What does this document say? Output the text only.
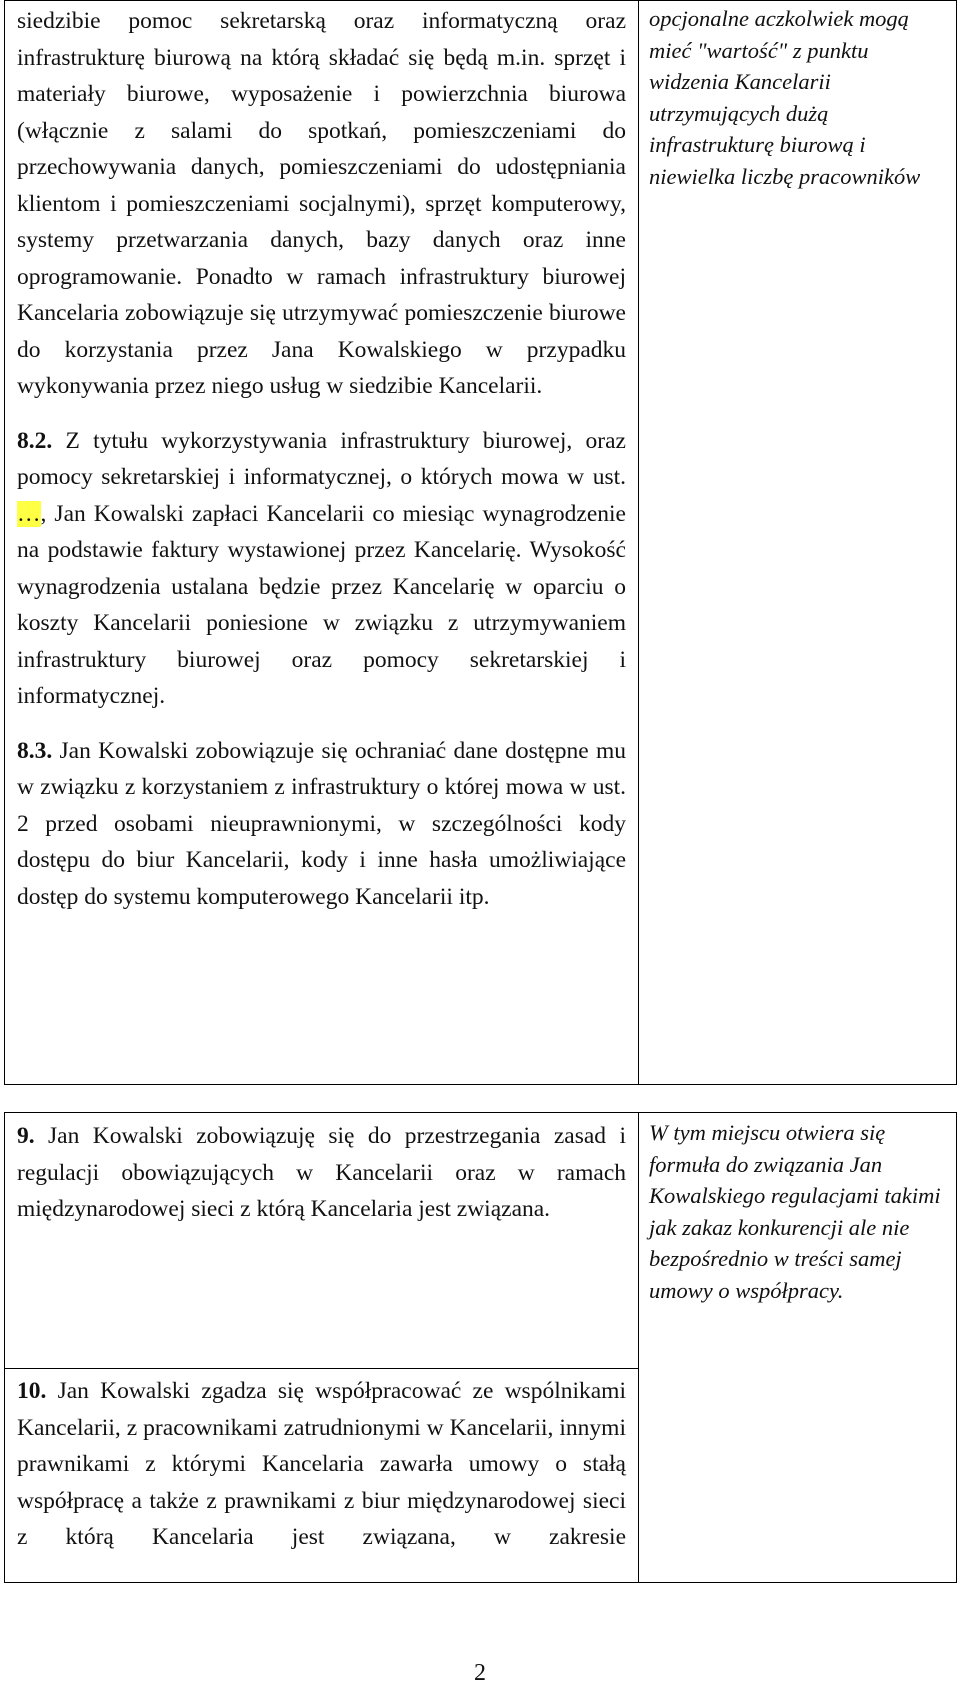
siedzibie pomoc sekretarską oraz informatyczną oraz infrastrukturę biurową na którą składać się będą m.in. sprzęt i materiały biurowe, wyposażenie i powierzchnia biurowa (włącznie z salami do spotkań, pomieszczeniami do przechowywania danych, pomieszczeniami do udostępniania klientom i pomieszczeniami socjalnymi), sprzęt komputerowy, systemy przetwarzania danych, bazy danych oraz inne oprogramowanie. Ponadto w ramach infrastruktury biurowej Kancelaria zobowiązuje się utrzymywać pomieszczenie biurowe do korzystania przez Jana Kowalskiego w przypadku wykonywania przez niego usług w siedzibie Kancelarii.

8.2. Z tytułu wykorzystywania infrastruktury biurowej, oraz pomocy sekretarskiej i informatycznej, o których mowa w ust. …, Jan Kowalski zapłaci Kancelarii co miesiąc wynagrodzenie na podstawie faktury wystawionej przez Kancelarię. Wysokość wynagrodzenia ustalana będzie przez Kancelarię w oparciu o koszty Kancelarii poniesione w związku z utrzymywaniem infrastruktury biurowej oraz pomocy sekretarskiej i informatycznej.

8.3. Jan Kowalski zobowiązuje się ochraniać dane dostępne mu w związku z korzystaniem z infrastruktury o której mowa w ust. 2 przed osobami nieuprawnionymi, w szczególności kody dostępu do biur Kancelarii, kody i inne hasła umożliwiające dostęp do systemu komputerowego Kancelarii itp.

opcjonalne aczkolwiek mogą mieć "wartość" z punktu widzenia Kancelarii utrzymujących dużą infrastrukturę biurową i niewielka liczbę pracowników

9. Jan Kowalski zobowiązuję się do przestrzegania zasad i regulacji obowiązujących w Kancelarii oraz w ramach międzynarodowej sieci z którą Kancelaria jest związana.

W tym miejscu otwiera się formuła do związania Jan Kowalskiego regulacjami takimi jak zakaz konkurencji ale nie bezpośrednio w treści samej umowy o współpracy.

10. Jan Kowalski zgadza się współpracować ze wspólnikami Kancelarii, z pracownikami zatrudnionymi w Kancelarii, innymi prawnikami z którymi Kancelaria zawarła umowy o stałą współpracę a także z prawnikami z biur międzynarodowej sieci z którą Kancelaria jest związana, w zakresie

2
